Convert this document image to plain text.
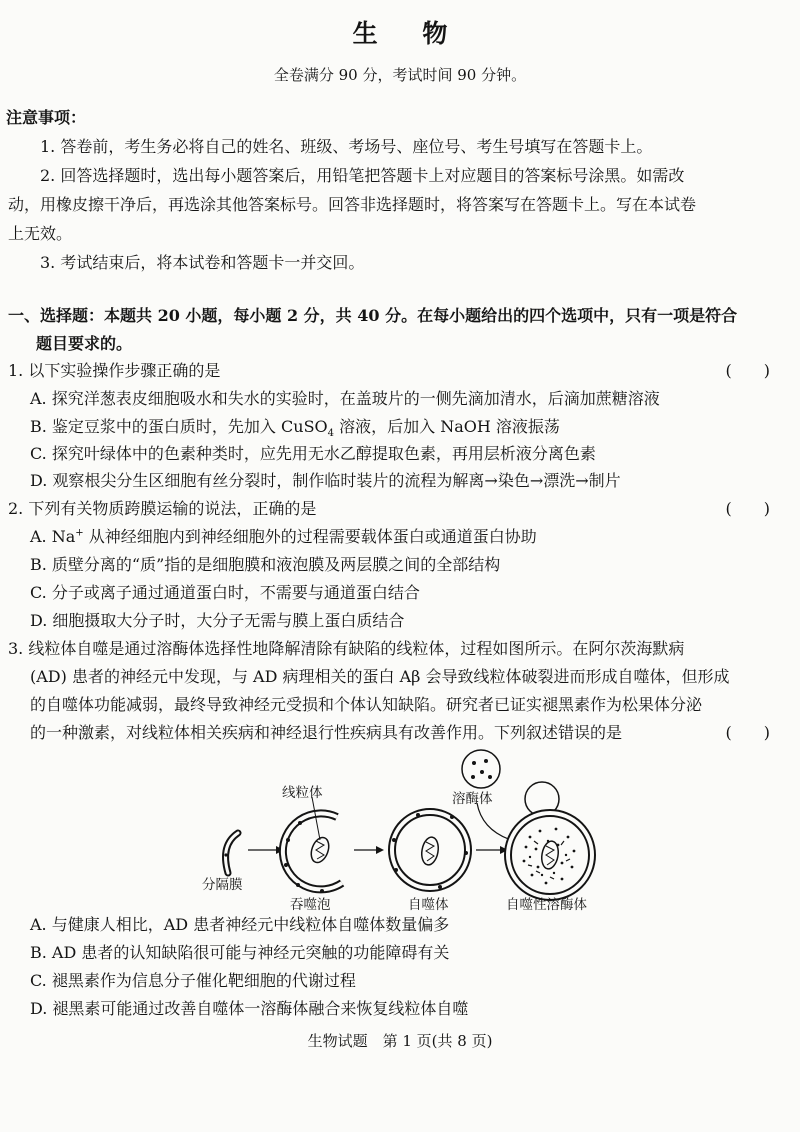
生 物
全卷满分 90 分，考试时间 90 分钟。
注意事项：
1. 答卷前，考生务必将自己的姓名、班级、考场号、座位号、考生号填写在答题卡上。
2. 回答选择题时，选出每小题答案后，用铅笔把答题卡上对应题目的答案标号涂黑。如需改
动，用橡皮擦干净后，再选涂其他答案标号。回答非选择题时，将答案写在答题卡上。写在本试卷
上无效。
3. 考试结束后，将本试卷和答题卡一并交回。
一、选择题：本题共 20 小题，每小题 2 分，共 40 分。在每小题给出的四个选项中，只有一项是符合
题目要求的。
1. 以下实验操作步骤正确的是	(　　)
A. 探究洋葱表皮细胞吸水和失水的实验时，在盖玻片的一侧先滴加清水，后滴加蔗糖溶液
B. 鉴定豆浆中的蛋白质时，先加入 CuSO$_4$ 溶液，后加入 NaOH 溶液振荡
C. 探究叶绿体中的色素种类时，应先用无水乙醇提取色素，再用层析液分离色素
D. 观察根尖分生区细胞有丝分裂时，制作临时装片的流程为解离→染色→漂洗→制片
2. 下列有关物质跨膜运输的说法，正确的是	(　　)
A. Na+ 从神经细胞内到神经细胞外的过程需要载体蛋白或通道蛋白协助
B. 质壁分离的“质”指的是细胞膜和液泡膜及两层膜之间的全部结构
C. 分子或离子通过通道蛋白时，不需要与通道蛋白结合
D. 细胞摄取大分子时，大分子无需与膜上蛋白质结合
3. 线粒体自噬是通过溶酶体选择性地降解清除有缺陷的线粒体，过程如图所示。在阿尔茨海默病
(AD) 患者的神经元中发现，与 AD 病理相关的蛋白 Aβ 会导致线粒体破裂进而形成自噬体，但形成
的自噬体功能减弱，最终导致神经元受损和个体认知缺陷。研究者已证实褪黑素作为松果体分泌
的一种激素，对线粒体相关疾病和神经退行性疾病具有改善作用。下列叙述错误的是	(　　)
线粒体	溶酶体
分隔膜
吞噬泡	自噬体	自噬性溶酶体
A. 与健康人相比，AD 患者神经元中线粒体自噬体数量偏多
B. AD 患者的认知缺陷很可能与神经元突触的功能障碍有关
C. 褪黑素作为信息分子催化靶细胞的代谢过程
D. 褪黑素可能通过改善自噬体一溶酶体融合来恢复线粒体自噬
生物试题　第 1 页(共 8 页)
